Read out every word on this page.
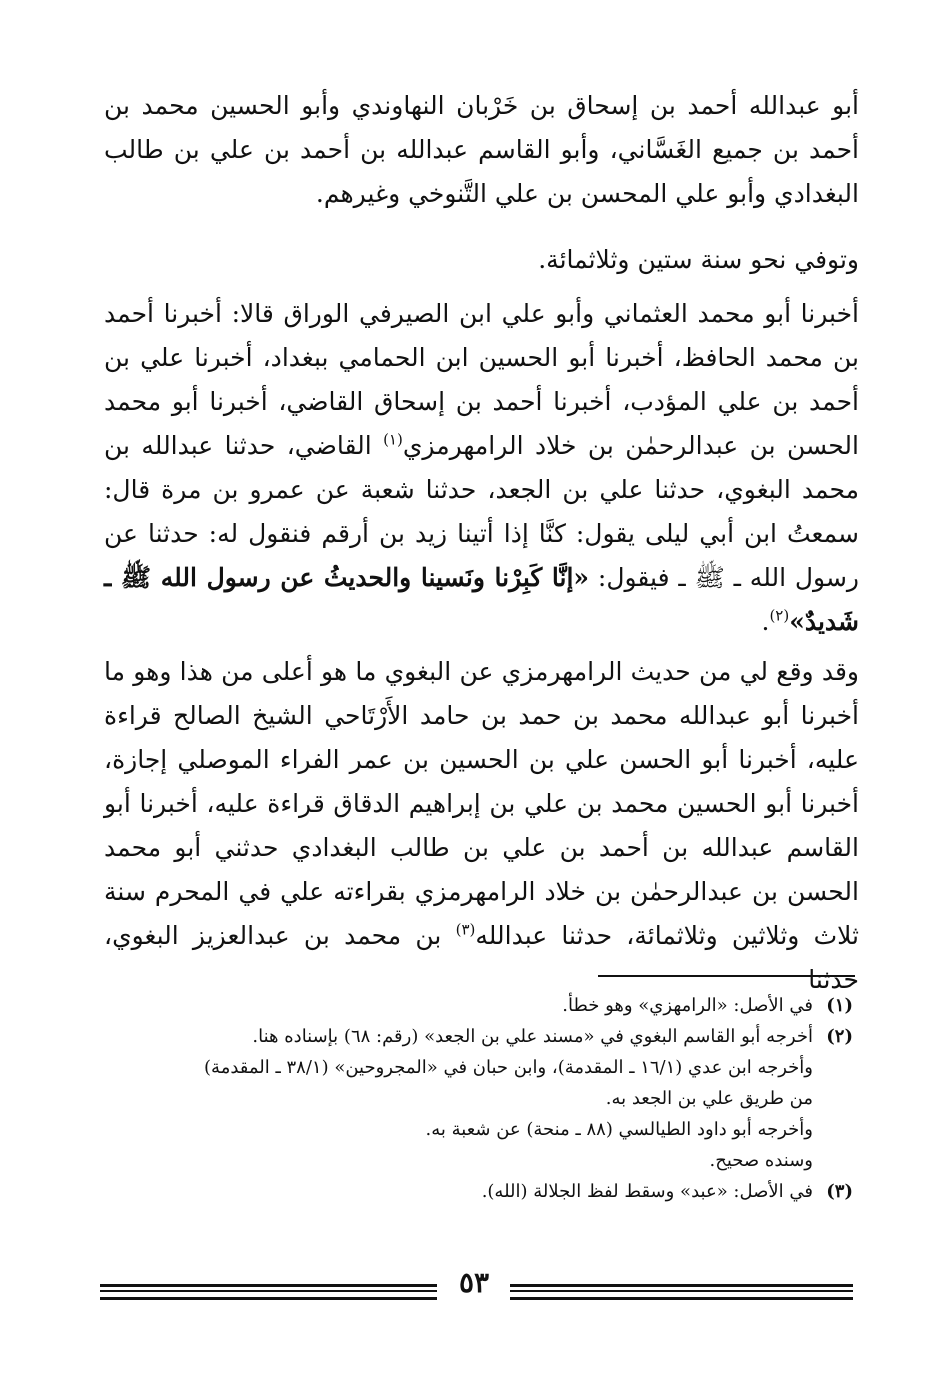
أبو عبدالله أحمد بن إسحاق بن خَرْبان النهاوندي وأبو الحسين محمد بن أحمد بن جميع الغَسَّاني، وأبو القاسم عبدالله بن أحمد بن علي بن طالب البغدادي وأبو علي المحسن بن علي التَّنوخي وغيرهم.

وتوفي نحو سنة ستين وثلاثمائة.

أخبرنا أبو محمد العثماني وأبو علي ابن الصيرفي الوراق قالا: أخبرنا أحمد بن محمد الحافظ، أخبرنا أبو الحسين ابن الحمامي ببغداد، أخبرنا علي بن أحمد بن علي المؤدب، أخبرنا أحمد بن إسحاق القاضي، أخبرنا أبو محمد الحسن بن عبدالرحمٰن بن خلاد الرامهرمزي$^{(١)}$ القاضي، حدثنا عبدالله بن محمد البغوي، حدثنا علي بن الجعد، حدثنا شعبة عن عمرو بن مرة قال: سمعتُ ابن أبي ليلى يقول: كنَّا إذا أتينا زيد بن أرقم فنقول له: حدثنا عن رسول الله ـ ﷺ ـ فيقول: «إنَّا كَبِرْنا ونَسينا والحديثُ عن رسول الله ﷺ ـ شَديدٌ»$^{(٢)}$.

وقد وقع لي من حديث الرامهرمزي عن البغوي ما هو أعلى من هذا وهو ما أخبرنا أبو عبدالله محمد بن حمد بن حامد الأَرْتَاحي الشيخ الصالح قراءة عليه، أخبرنا أبو الحسن علي بن الحسين بن عمر الفراء الموصلي إجازة، أخبرنا أبو الحسين محمد بن علي بن إبراهيم الدقاق قراءة عليه، أخبرنا أبو القاسم عبدالله بن أحمد بن علي بن طالب البغدادي حدثني أبو محمد الحسن بن عبدالرحمٰن بن خلاد الرامهرمزي بقراءته علي في المحرم سنة ثلاث وثلاثين وثلاثمائة، حدثنا عبدالله$^{(٣)}$ بن محمد بن عبدالعزيز البغوي، حدثنا

(١)في الأصل: «الرامهزي» وهو خطأ.
(٢)أخرجه أبو القاسم البغوي في «مسند علي بن الجعد» (رقم: ٦٨) بإسناده هنا.
وأخرجه ابن عدي (١٦/١ ـ المقدمة)، وابن حبان في «المجروحين» (٣٨/١ ـ المقدمة)
من طريق علي بن الجعد به.
وأخرجه أبو داود الطيالسي (٨٨ ـ منحة) عن شعبة به.
وسنده صحيح.
(٣)في الأصل: «عبد» وسقط لفظ الجلالة (الله).
٥٣
